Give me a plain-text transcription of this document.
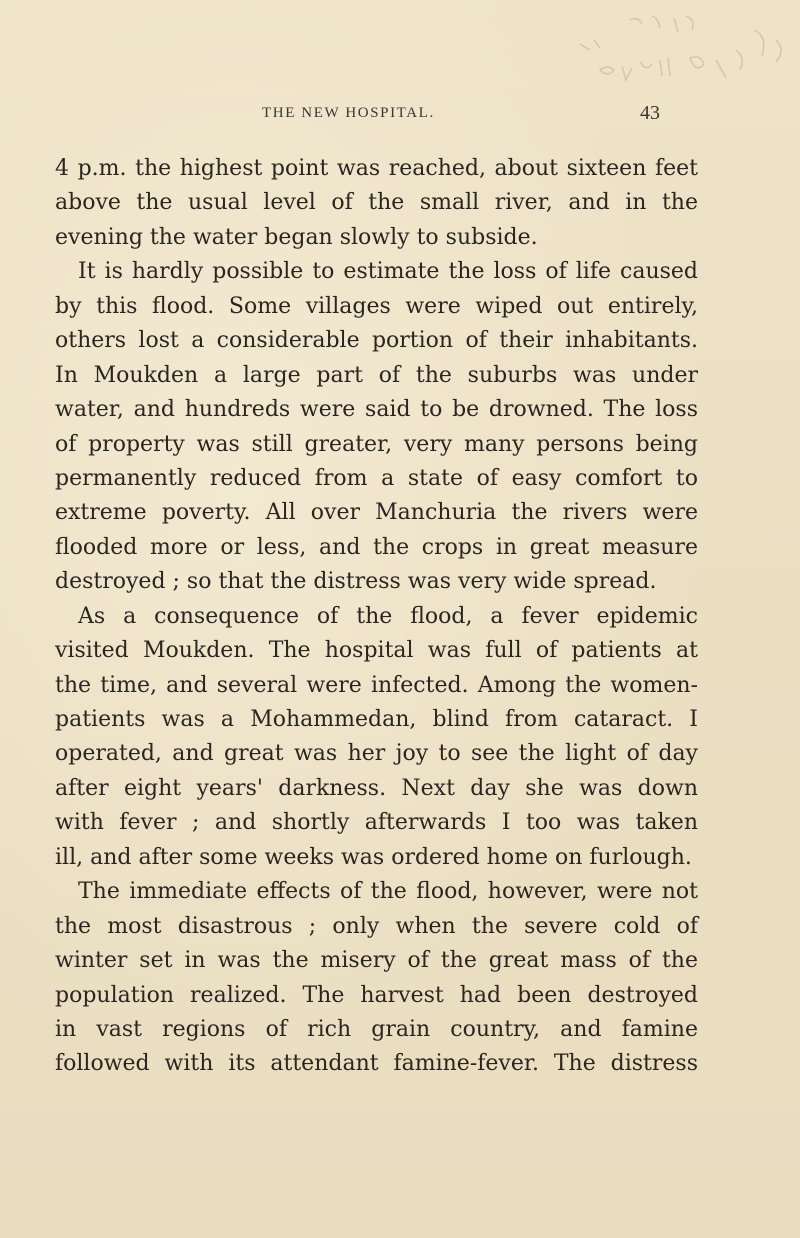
THE NEW HOSPITAL.	43
4 p.m. the highest point was reached, about sixteen feet
above the usual level of the small river, and in the
evening the water began slowly to subside.
It is hardly possible to estimate the loss of life caused
by this flood. Some villages were wiped out entirely,
others lost a considerable portion of their inhabitants.
In Moukden a large part of the suburbs was under
water, and hundreds were said to be drowned. The loss
of property was still greater, very many persons being
permanently reduced from a state of easy comfort to
extreme poverty. All over Manchuria the rivers were
flooded more or less, and the crops in great measure
destroyed ; so that the distress was very wide spread.
As a consequence of the flood, a fever epidemic
visited Moukden. The hospital was full of patients at
the time, and several were infected. Among the women-
patients was a Mohammedan, blind from cataract. I
operated, and great was her joy to see the light of day
after eight years' darkness. Next day she was down
with fever ; and shortly afterwards I too was taken
ill, and after some weeks was ordered home on furlough.
The immediate effects of the flood, however, were not
the most disastrous ; only when the severe cold of
winter set in was the misery of the great mass of the
population realized. The harvest had been destroyed
in vast regions of rich grain country, and famine
followed with its attendant famine-fever. The distress
